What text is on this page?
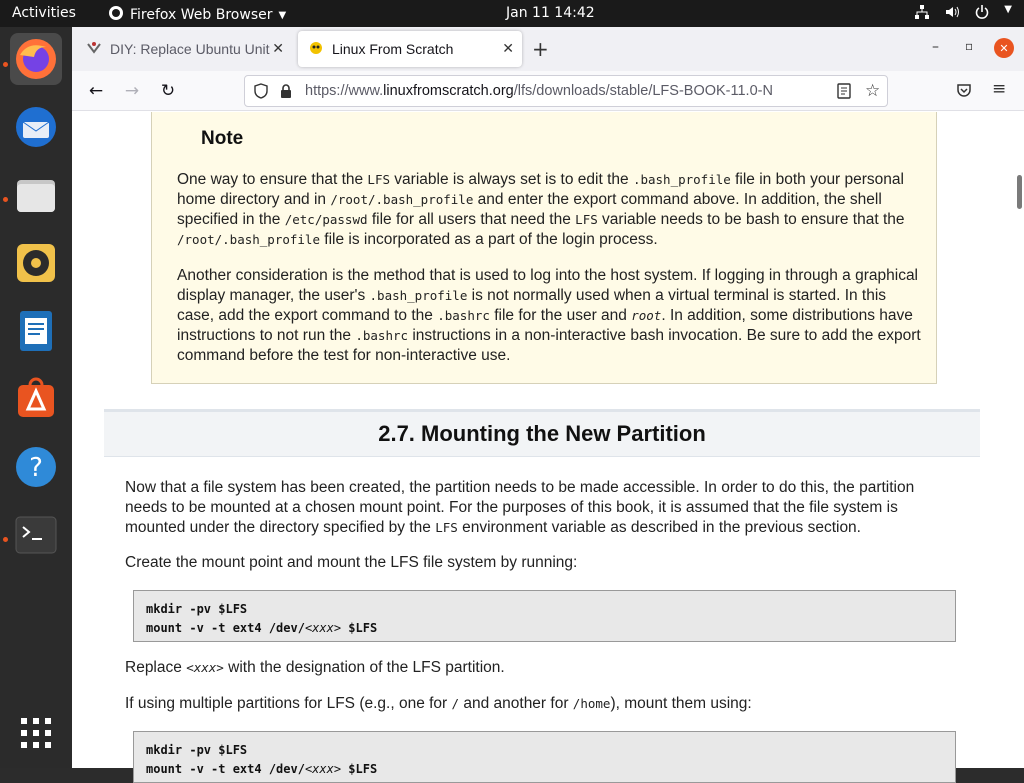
Activities	Firefox Web Browser ▼	Jan 11 14:42	▼
?
DIY: Replace Ubuntu Unit ✕	Linux From Scratch	✕ +	– ▫	✕
← → ↻	https://www.linuxfromscratch.org/lfs/downloads/stable/LFS-BOOK-11.0-N	☆	≡
Note

One way to ensure that the LFS variable is always set is to edit the .bash_profile file in both your personal home directory and in /root/.bash_profile and enter the export command above. In addition, the shell specified in the /etc/passwd file for all users that need the LFS variable needs to be bash to ensure that the /root/.bash_profile file is incorporated as a part of the login process.

Another consideration is the method that is used to log into the host system. If logging in through a graphical display manager, the user's .bash_profile is not normally used when a virtual terminal is started. In this case, add the export command to the .bashrc file for the user and root. In addition, some distributions have instructions to not run the .bashrc instructions in a non-interactive bash invocation. Be sure to add the export command before the test for non-interactive use.

2.7. Mounting the New Partition

Now that a file system has been created, the partition needs to be made accessible. In order to do this, the partition needs to be mounted at a chosen mount point. For the purposes of this book, it is assumed that the file system is mounted under the directory specified by the LFS environment variable as described in the previous section.

Create the mount point and mount the LFS file system by running:

mkdir -pv $LFS
mount -v -t ext4 /dev/<xxx> $LFS

Replace <xxx> with the designation of the LFS partition.

If using multiple partitions for LFS (e.g., one for / and another for /home), mount them using:

mkdir -pv $LFS
mount -v -t ext4 /dev/<xxx> $LFS
